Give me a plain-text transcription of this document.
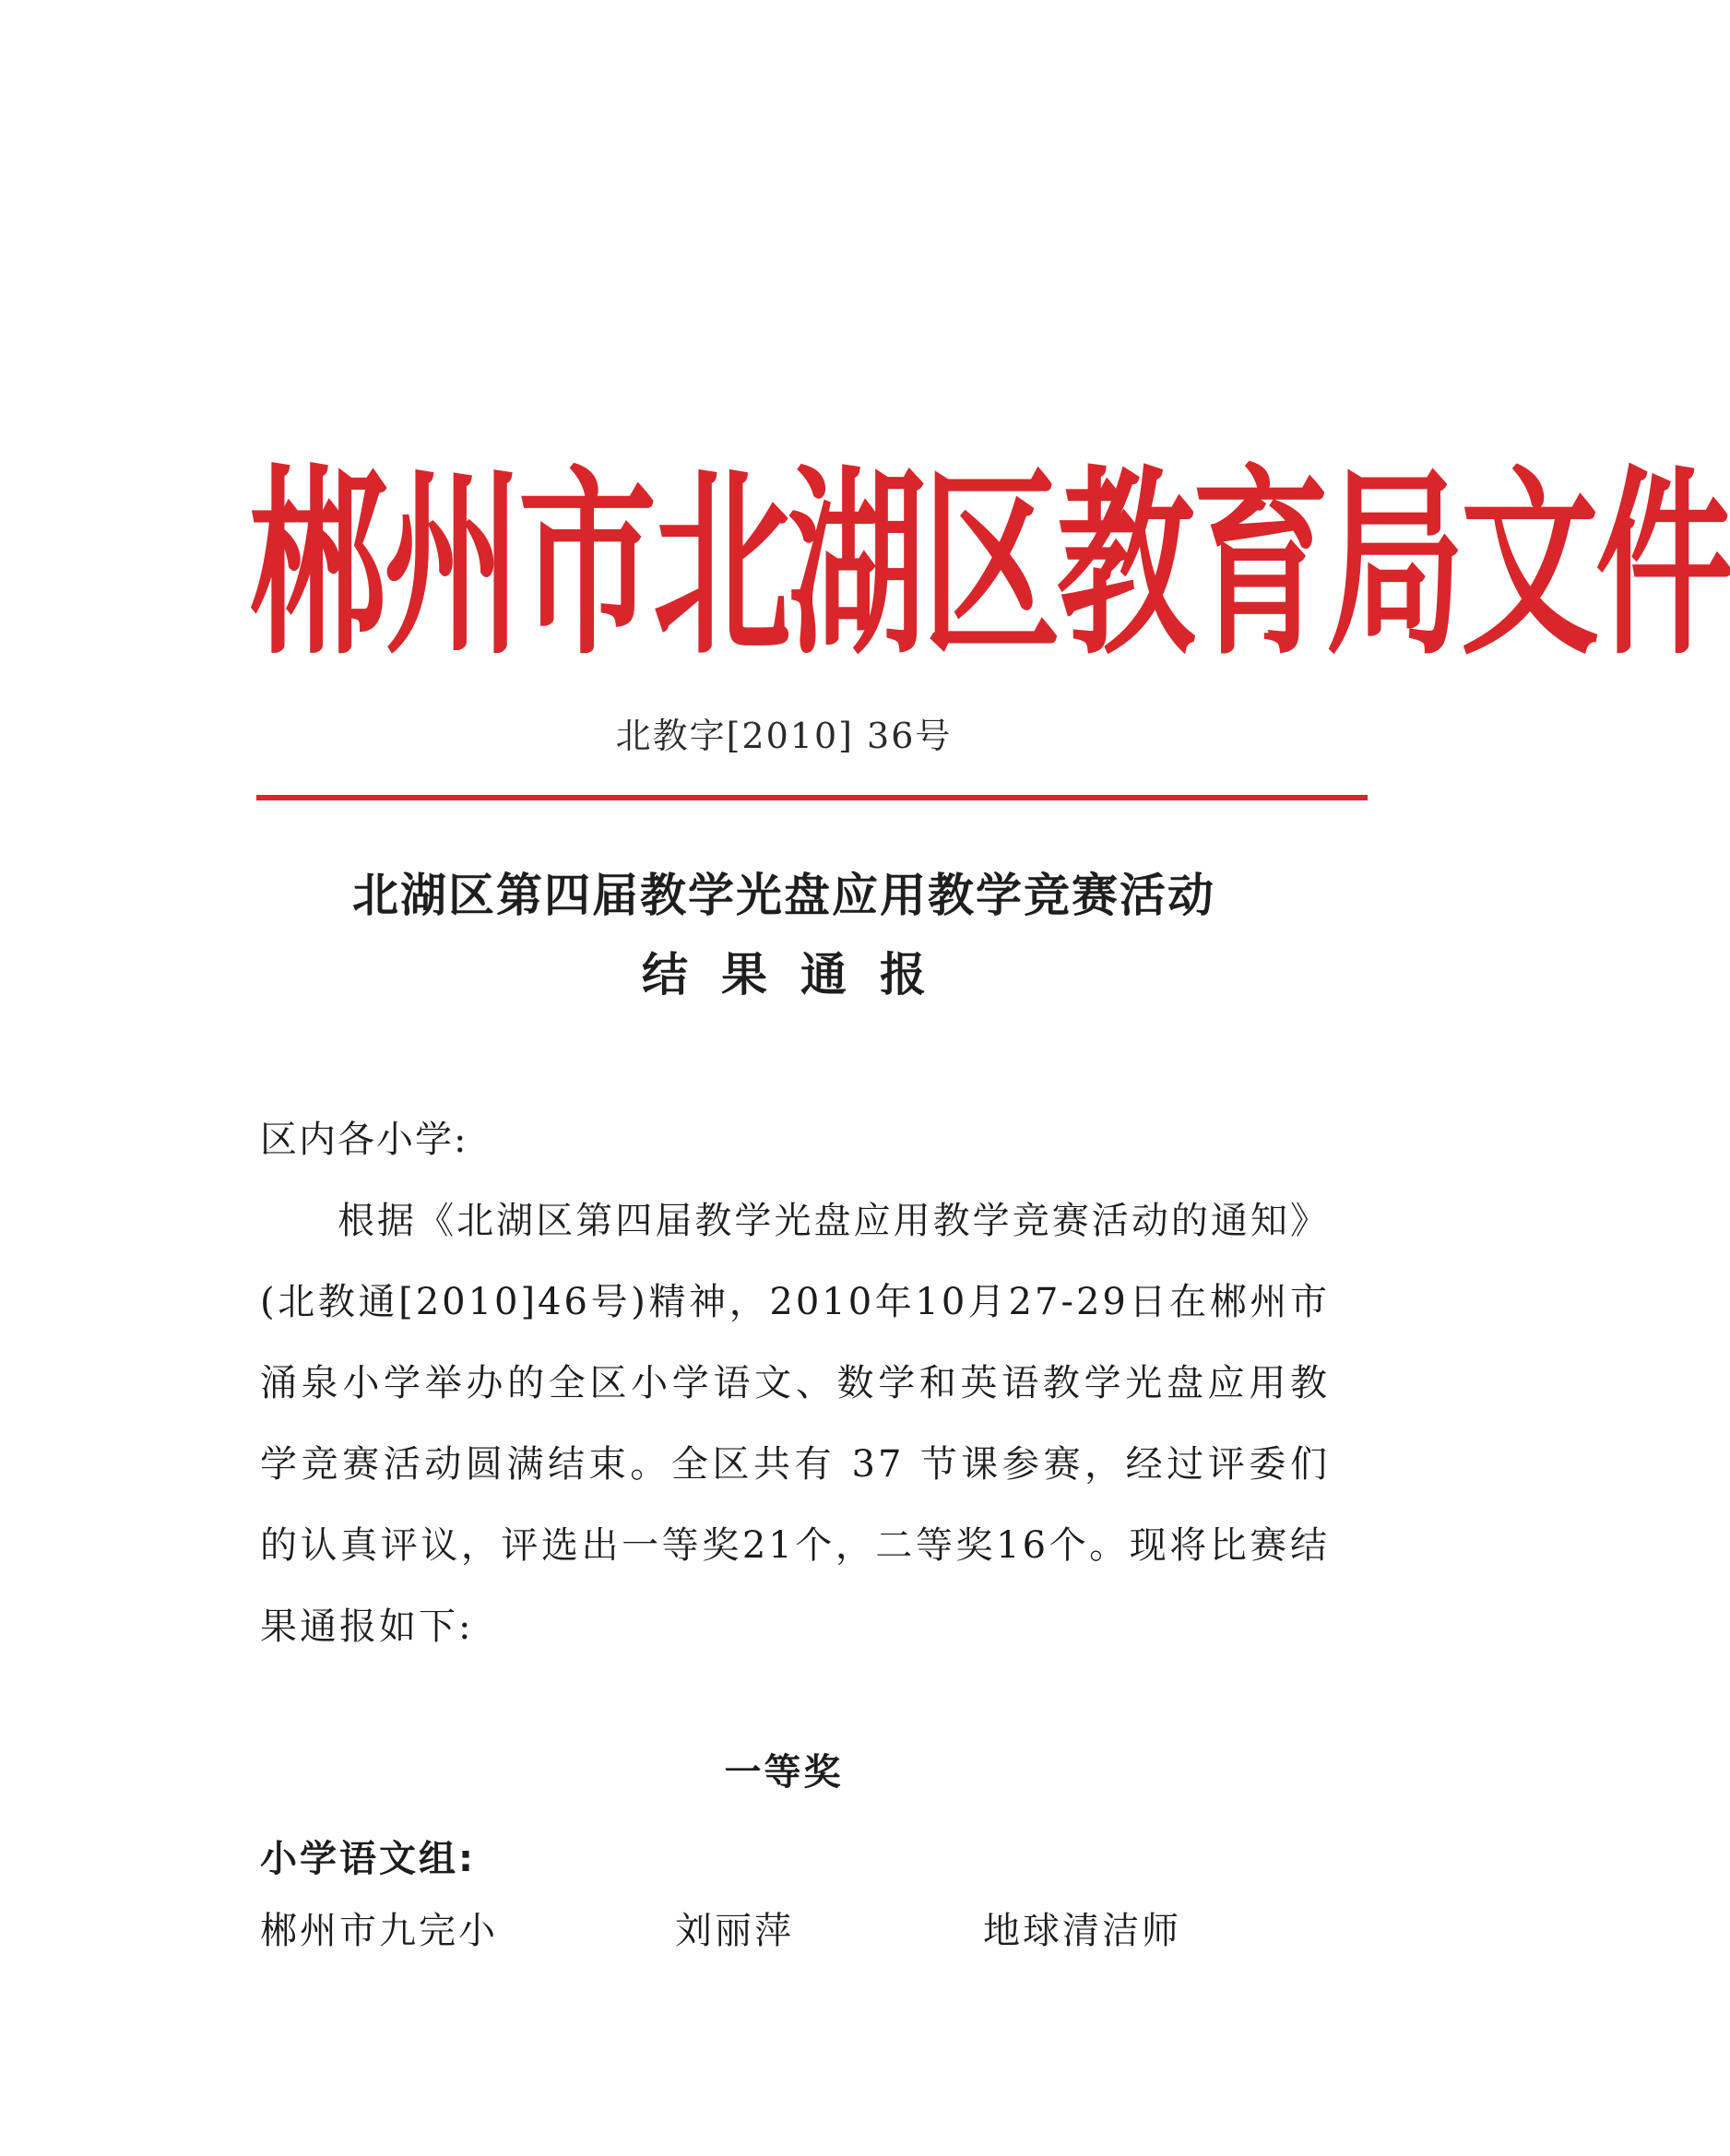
郴州市北湖区教育局文件
北教字[2010] 36号
北湖区第四届教学光盘应用教学竞赛活动
结果通报
区内各小学:

根据《北湖区第四届教学光盘应用教学竞赛活动的通知》(北教通[2010]46号)精神，2010年10月27-29日在郴州市涌泉小学举办的全区小学语文、数学和英语教学光盘应用教学竞赛活动圆满结束。全区共有 37 节课参赛，经过评委们的认真评议，评选出一等奖21个，二等奖16个。现将比赛结果通报如下:

一等奖
小学语文组:
郴州市九完小	刘丽萍	地球清洁师
